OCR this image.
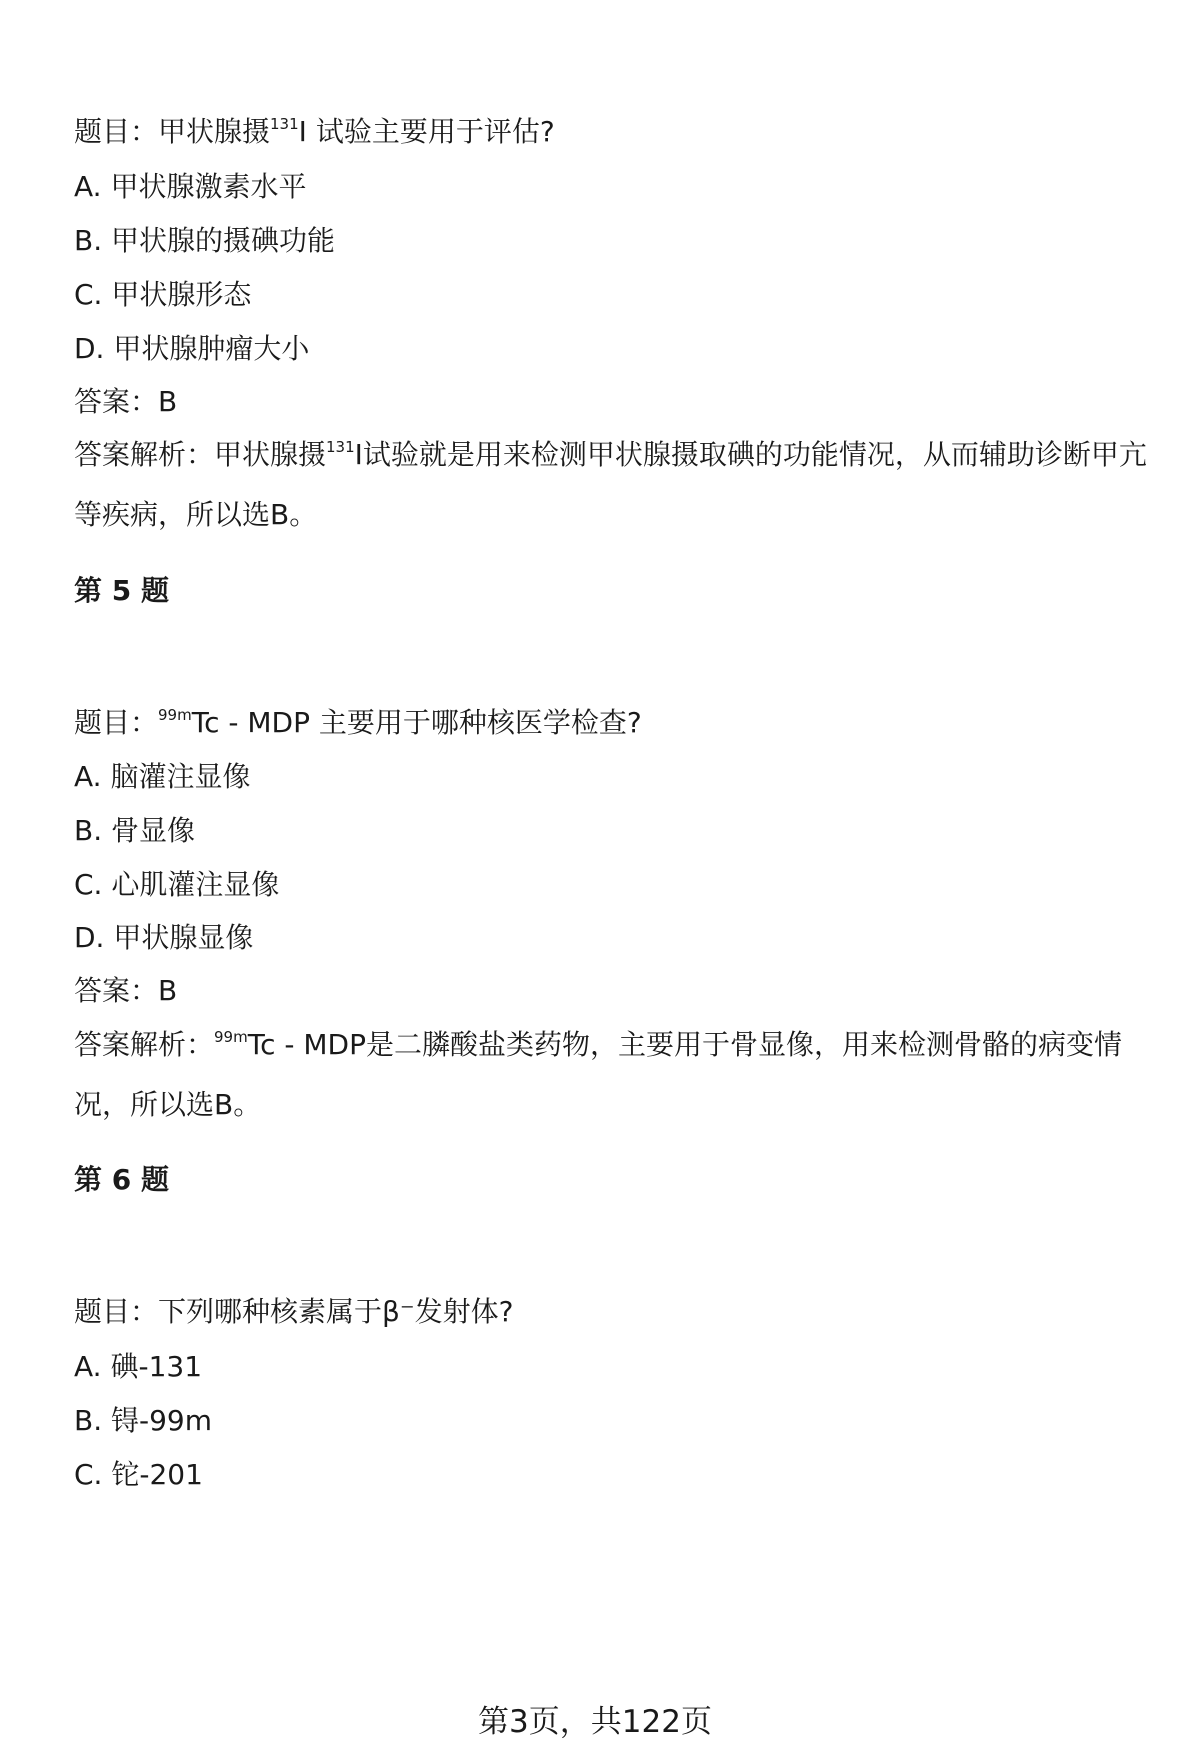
题目：甲状腺摄$^{131}$I 试验主要用于评估?
A. 甲状腺激素水平
B. 甲状腺的摄碘功能
C. 甲状腺形态
D. 甲状腺肿瘤大小
答案：B
答案解析：甲状腺摄$^{131}$I试验就是用来检测甲状腺摄取碘的功能情况，从而辅助诊断甲亢等疾病，所以选B。
第 5 题
题目：$^{99m}$Tc - MDP 主要用于哪种核医学检查?
A. 脑灌注显像
B. 骨显像
C. 心肌灌注显像
D. 甲状腺显像
答案：B
答案解析：$^{99m}$Tc - MDP是二膦酸盐类药物，主要用于骨显像，用来检测骨骼的病变情况，所以选B。
第 6 题
题目：下列哪种核素属于β⁻发射体?
A. 碘-131
B. 锝-99m
C. 铊-201
第3页，共122页
